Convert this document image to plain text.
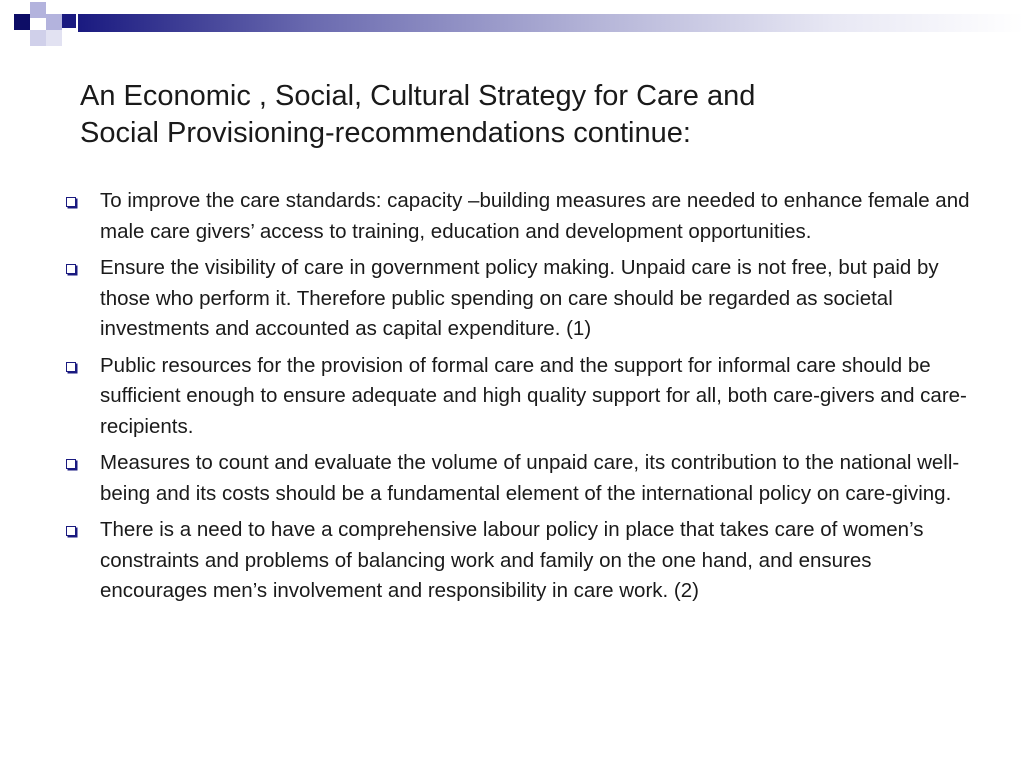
An Economic , Social, Cultural Strategy for Care and
Social Provisioning-recommendations continue:
To improve the care standards: capacity –building measures are needed to enhance female and male care givers’ access to training, education and development opportunities.
Ensure the visibility of care in government policy making. Unpaid care is not free, but paid by those who perform it. Therefore public spending on care should be regarded as societal investments and accounted as capital expenditure. (1)
Public resources for the provision of formal care and the support for informal care should be sufficient enough to ensure adequate and high quality support for all, both care-givers and care-recipients.
Measures to count and evaluate the volume of unpaid care, its contribution to the national well-being and its costs should be a fundamental element of the international policy on care-giving.
There is a need to have a comprehensive labour policy in place that takes care of women’s constraints and problems of balancing work and family on the one hand, and ensures encourages men’s involvement and responsibility in care work. (2)
